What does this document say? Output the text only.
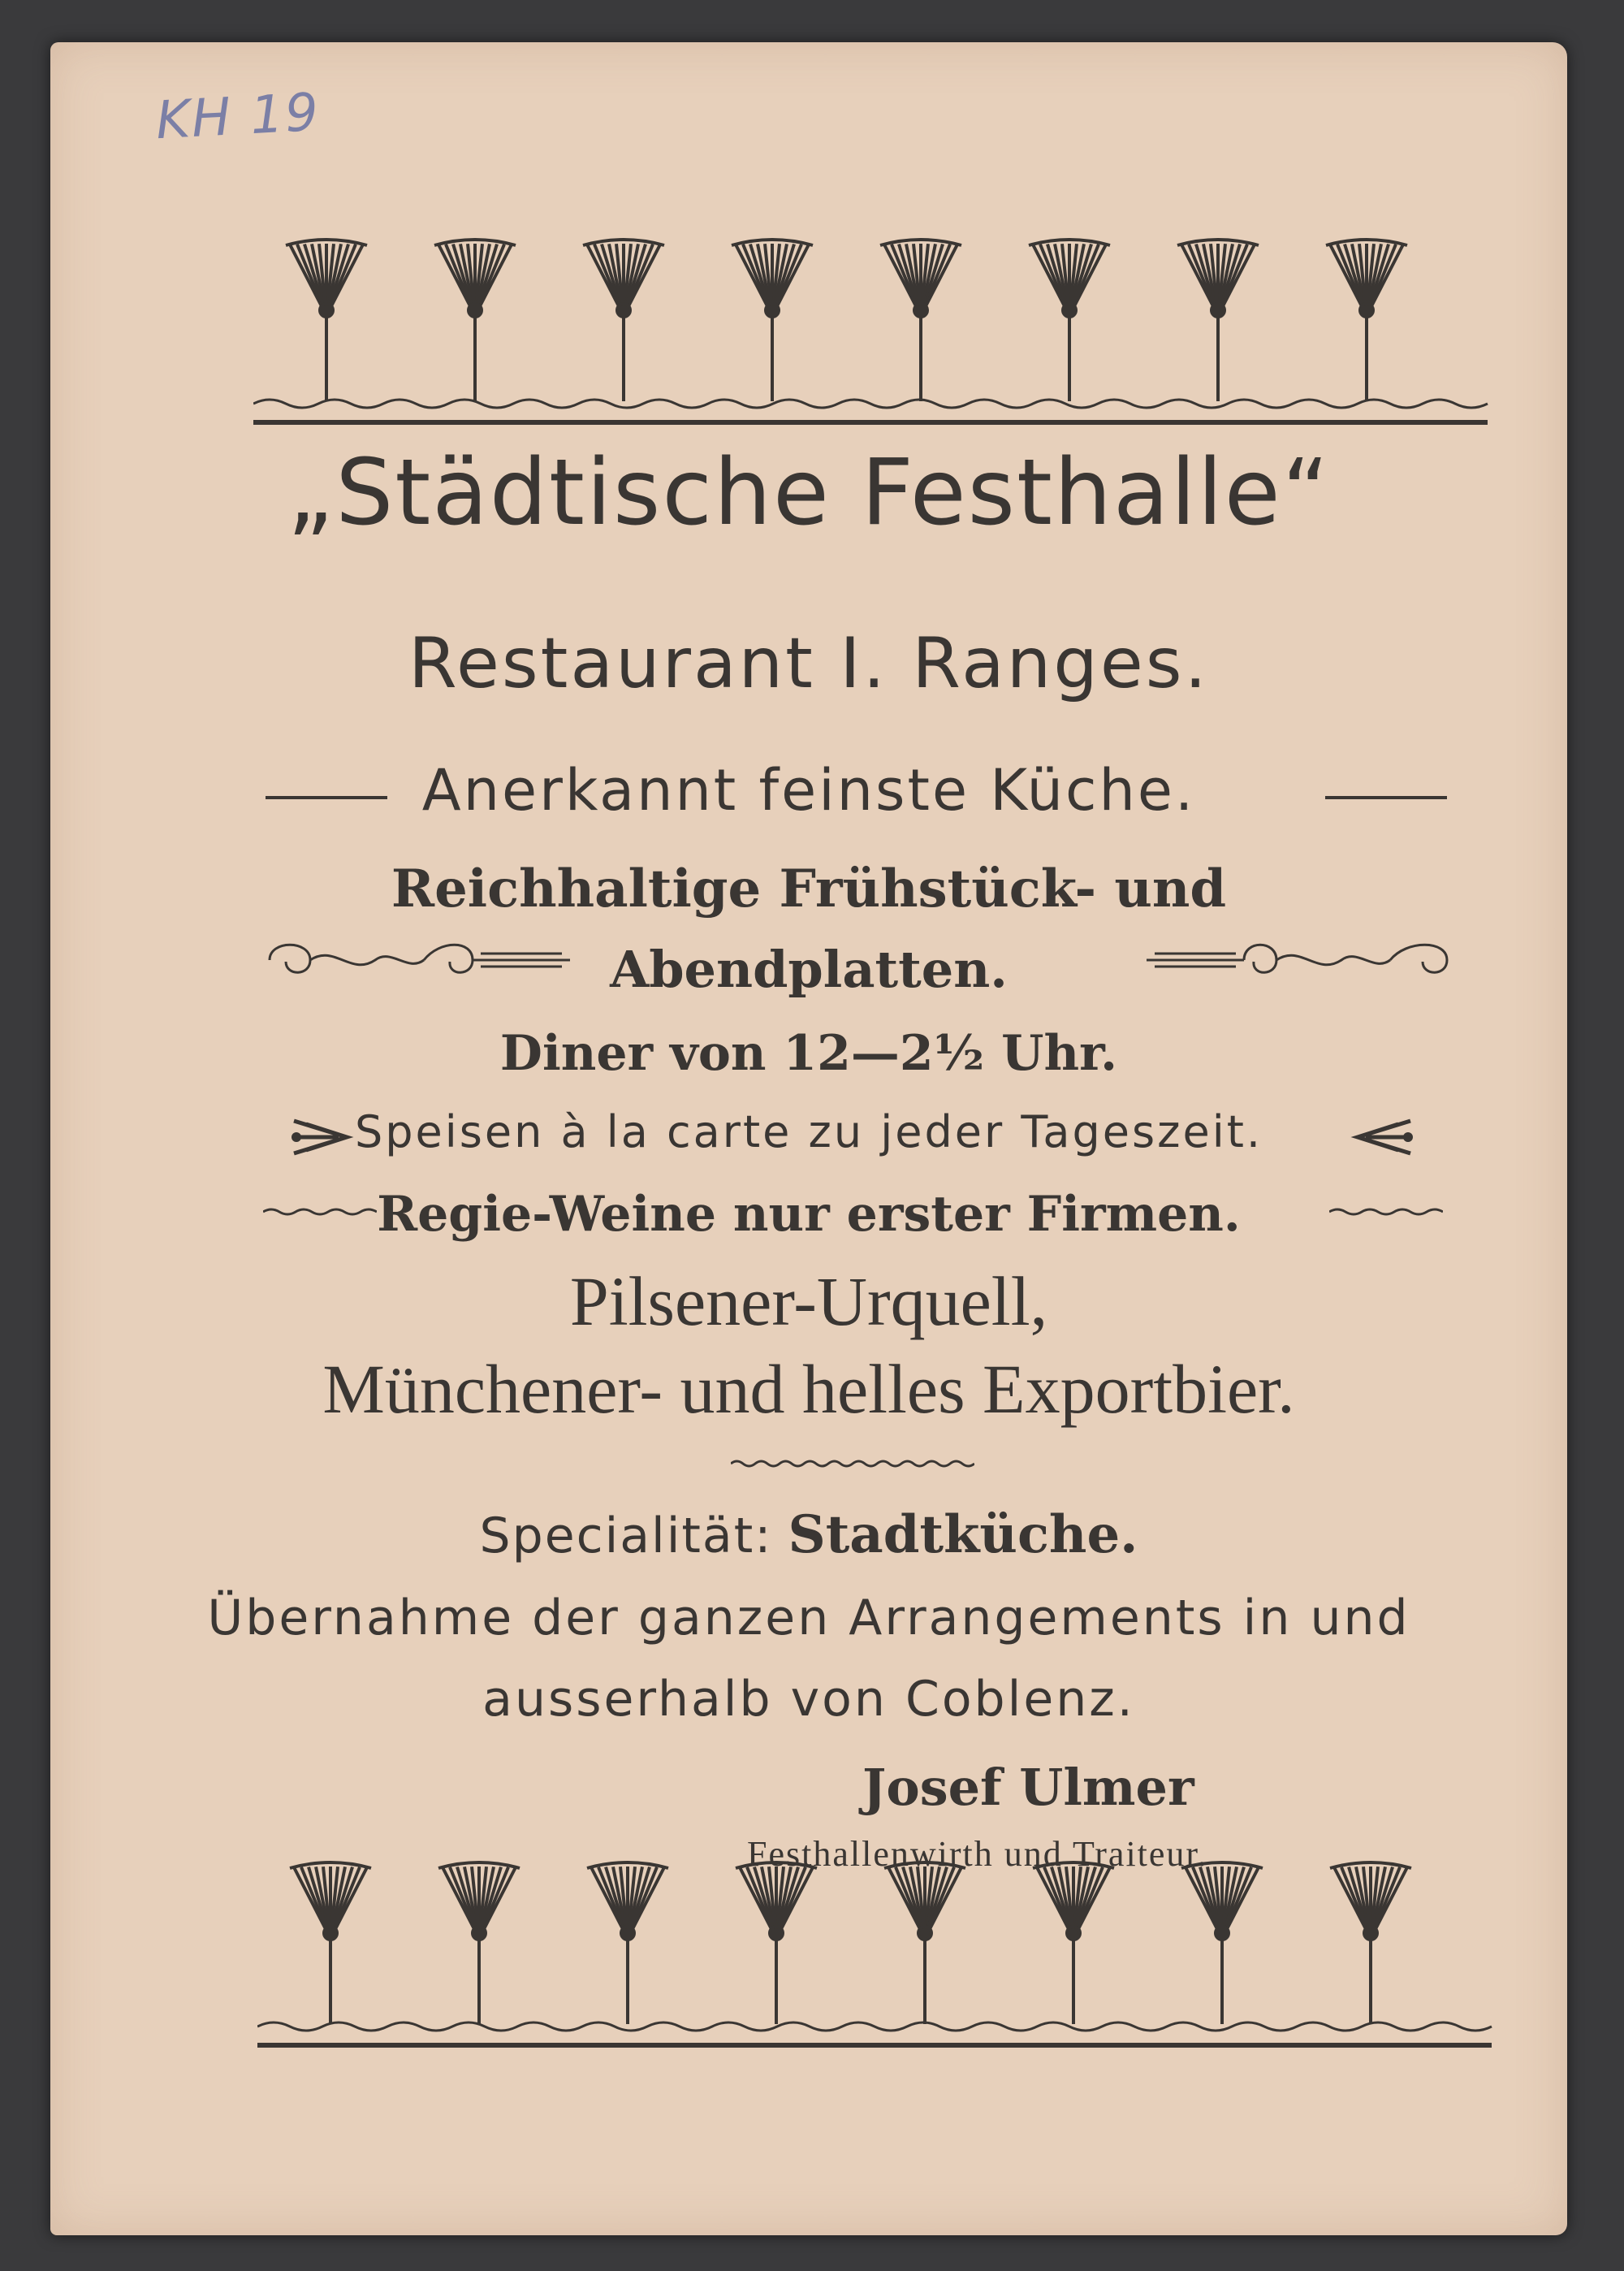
KH 19
„Städtische Festhalle“
Restaurant I. Ranges.
Anerkannt feinste Küche.
Reichhaltige Frühstück- und
Abendplatten.
Diner von 12—2½ Uhr.
Speisen à la carte zu jeder Tageszeit.
Regie-Weine nur erster Firmen.
Pilsener-Urquell,
Münchener- und helles Exportbier.
Specialität: Stadtküche.
Übernahme der ganzen Arrangements in und
ausserhalb von Coblenz.
Josef Ulmer
Festhallenwirth und Traiteur.
